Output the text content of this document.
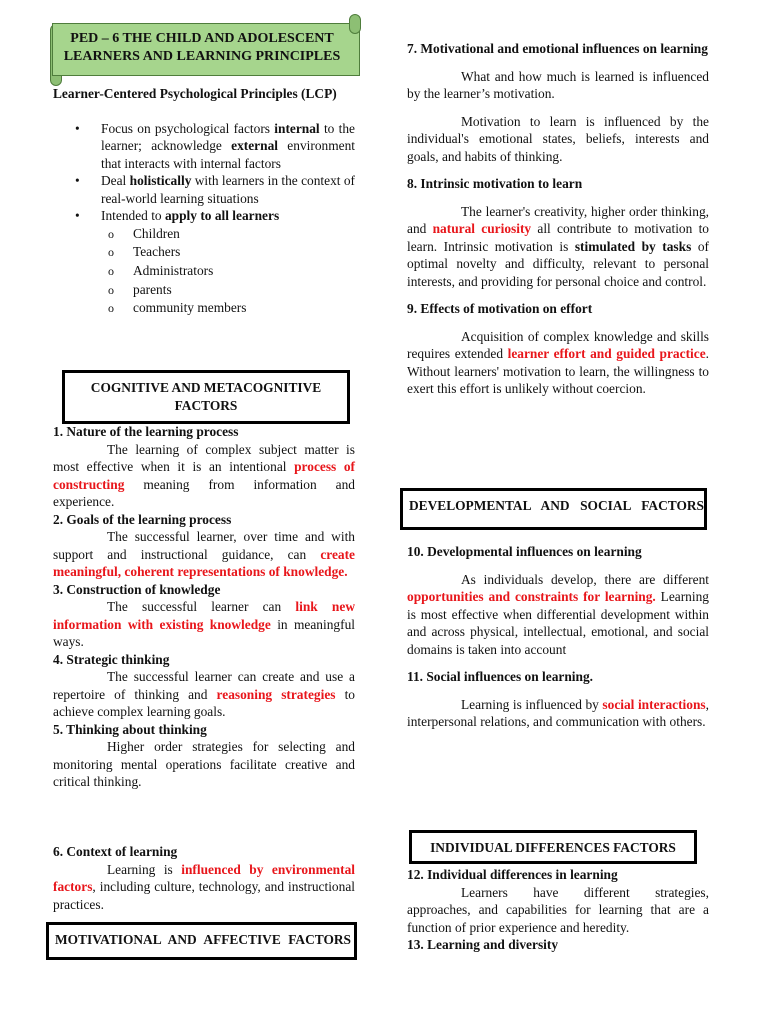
PED – 6 THE CHILD AND ADOLESCENT LEARNERS AND LEARNING PRINCIPLES

Learner-Centered Psychological Principles (LCP)

• Focus on psychological factors internal to the learner; acknowledge external environment that interacts with internal factors
• Deal holistically with learners in the context of real-world learning situations
• Intended to apply to all learners
o Children
o Teachers
o Administrators
o parents
o community members
COGNITIVE AND METACOGNITIVE FACTORS

1. Nature of the learning process

The learning of complex subject matter is most effective when it is an intentional process of constructing meaning from information and experience.

2. Goals of the learning process

The successful learner, over time and with support and instructional guidance, can create meaningful, coherent representations of knowledge.

3. Construction of knowledge

The successful learner can link new information with existing knowledge in meaningful ways.

4. Strategic thinking

The successful learner can create and use a repertoire of thinking and reasoning strategies to achieve complex learning goals.

5. Thinking about thinking

Higher order strategies for selecting and monitoring mental operations facilitate creative and critical thinking.

6. Context of learning

Learning is influenced by environmental factors, including culture, technology, and instructional practices.

MOTIVATIONAL AND AFFECTIVE FACTORS

7. Motivational and emotional influences on learning

What and how much is learned is influenced by the learner’s motivation.

Motivation to learn is influenced by the individual's emotional states, beliefs, interests and goals, and habits of thinking.

8. Intrinsic motivation to learn

The learner's creativity, higher order thinking, and natural curiosity all contribute to motivation to learn. Intrinsic motivation is stimulated by tasks of optimal novelty and difficulty, relevant to personal interests, and providing for personal choice and control.

9. Effects of motivation on effort

Acquisition of complex knowledge and skills requires extended learner effort and guided practice. Without learners' motivation to learn, the willingness to exert this effort is unlikely without coercion.

DEVELOPMENTAL AND SOCIAL FACTORS

10. Developmental influences on learning

As individuals develop, there are different opportunities and constraints for learning. Learning is most effective when differential development within and across physical, intellectual, emotional, and social domains is taken into account

11. Social influences on learning.

Learning is influenced by social interactions, interpersonal relations, and communication with others.

INDIVIDUAL DIFFERENCES FACTORS

12. Individual differences in learning

Learners have different strategies, approaches, and capabilities for learning that are a function of prior experience and heredity.

13. Learning and diversity
